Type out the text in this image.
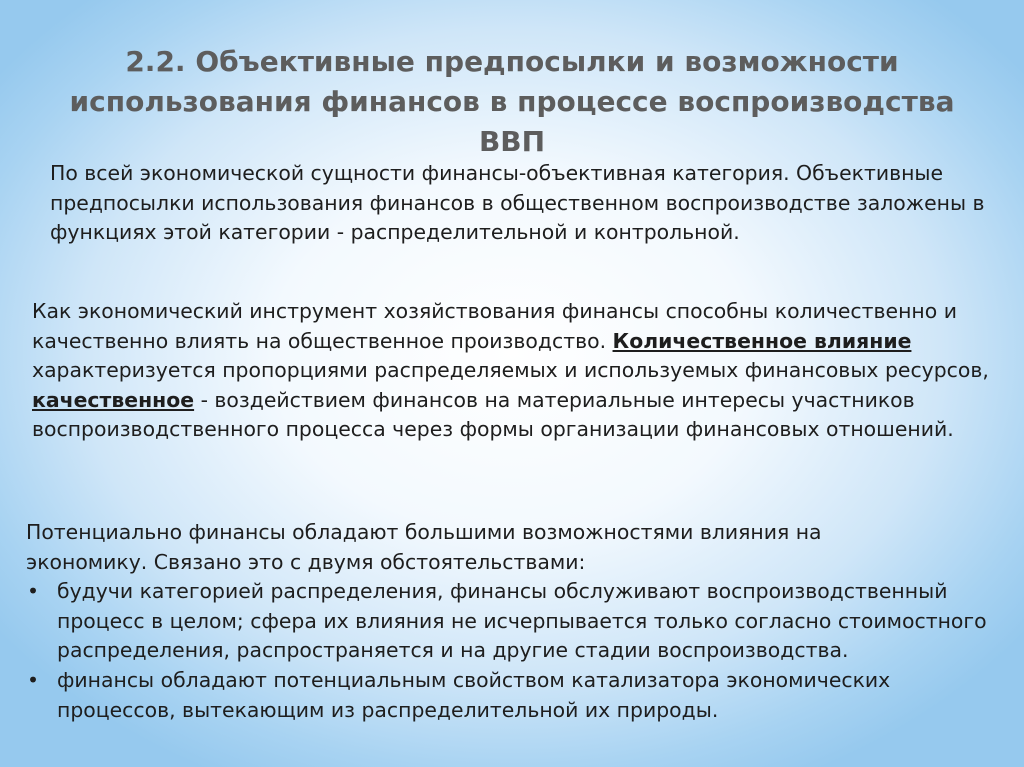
2.2. Объективные предпосылки и возможности
использования финансов в процессе воспроизводства ВВП

По всей экономической сущности финансы-объективная категория. Объективные предпосылки использования финансов в общественном воспроизводстве заложены в функциях этой категории - распределительной и контрольной.

Как экономический инструмент хозяйствования финансы способны количественно и качественно влиять на общественное производство. Количественное влияние характеризуется пропорциями распределяемых и используемых финансовых ресурсов, качественное - воздействием финансов на материальные интересы участников воспроизводственного процесса через формы организации финансовых отношений.

Потенциально финансы обладают большими возможностями влияния на
экономику. Связано это с двумя обстоятельствами:
• будучи категорией распределения, финансы обслуживают воспроизводственный процесс в целом; сфера их влияния не исчерпывается только согласно стоимостного распределения, распространяется и на другие стадии воспроизводства.
• финансы обладают потенциальным свойством катализатора экономических процессов, вытекающим из распределительной их природы.
